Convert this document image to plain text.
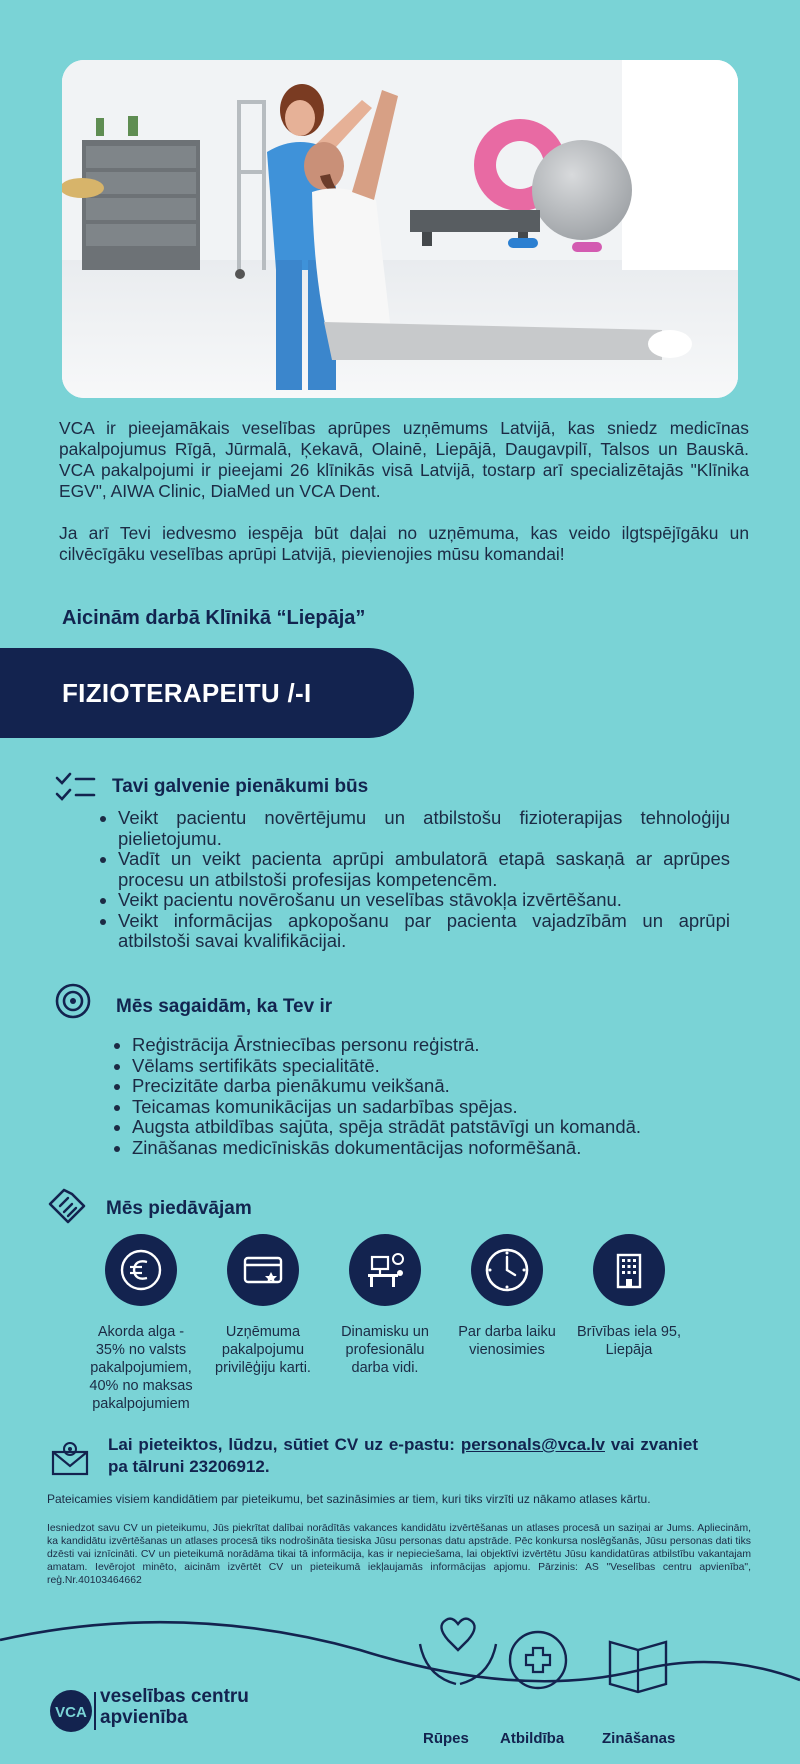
VCA ir pieejamākais veselības aprūpes uzņēmums Latvijā, kas sniedz medicīnas pakalpojumus Rīgā, Jūrmalā, Ķekavā, Olainē, Liepājā, Daugavpilī, Talsos un Bauskā. VCA pakalpojumi ir pieejami 26 klīnikās visā Latvijā, tostarp arī specializētajās "Klīnika EGV", AIWA Clinic, DiaMed un VCA Dent.

Ja arī Tevi iedvesmo iespēja būt daļai no uzņēmuma, kas veido ilgtspējīgāku un cilvēcīgāku veselības aprūpi Latvijā, pievienojies mūsu komandai!

Aicinām darbā Klīnikā “Liepāja”
FIZIOTERAPEITU /-I
Tavi galvenie pienākumi būs
Veikt pacientu novērtējumu un atbilstošu fizioterapijas tehnoloģiju pielietojumu.
Vadīt un veikt pacienta aprūpi ambulatorā etapā saskaņā ar aprūpes procesu un atbilstoši profesijas kompetencēm.
Veikt pacientu novērošanu un veselības stāvokļa izvērtēšanu.
Veikt informācijas apkopošanu par pacienta vajadzībām un aprūpi atbilstoši savai kvalifikācijai.
Mēs sagaidām, ka Tev ir
Reģistrācija Ārstniecības personu reģistrā.
Vēlams sertifikāts specialitātē.
Precizitāte darba pienākumu veikšanā.
Teicamas komunikācijas un sadarbības spējas.
Augsta atbildības sajūta, spēja strādāt patstāvīgi un komandā.
Zināšanas medicīniskās dokumentācijas noformēšanā.
Mēs piedāvājam
Akorda alga - 35% no valsts pakalpojumiem, 40% no maksas pakalpojumiem
Uzņēmuma pakalpojumu privilēģiju karti.
Dinamisku un profesionālu darba vidi.
Par darba laiku vienosimies
Brīvības iela 95, Liepāja
Lai pieteiktos, lūdzu, sūtiet CV uz e-pastu: personals@vca.lv vai zvaniet pa tālruni 23206912.
Pateicamies visiem kandidātiem par pieteikumu, bet sazināsimies ar tiem, kuri tiks virzīti uz nākamo atlases kārtu.
Iesniedzot savu CV un pieteikumu, Jūs piekrītat dalībai norādītās vakances kandidātu izvērtēšanas un atlases procesā un saziņai ar Jums. Apliecinām, ka kandidātu izvērtēšanas un atlases procesā tiks nodrošināta tiesiska Jūsu personas datu apstrāde. Pēc konkursa noslēgšanās, Jūsu personas dati tiks dzēsti vai iznīcināti. CV un pieteikumā norādāma tikai tā informācija, kas ir nepieciešama, lai objektīvi izvērtētu Jūsu kandidatūras atbilstību vakantajam amatam. Ievērojot minēto, aicinām izvērtēt CV un pieteikumā iekļaujamās informācijas apjomu. Pārzinis: AS "Veselības centru apvienība", reģ.Nr.40103464662
VCA
veselības centru
apvienība
Rūpes Atbildība	Zināšanas
